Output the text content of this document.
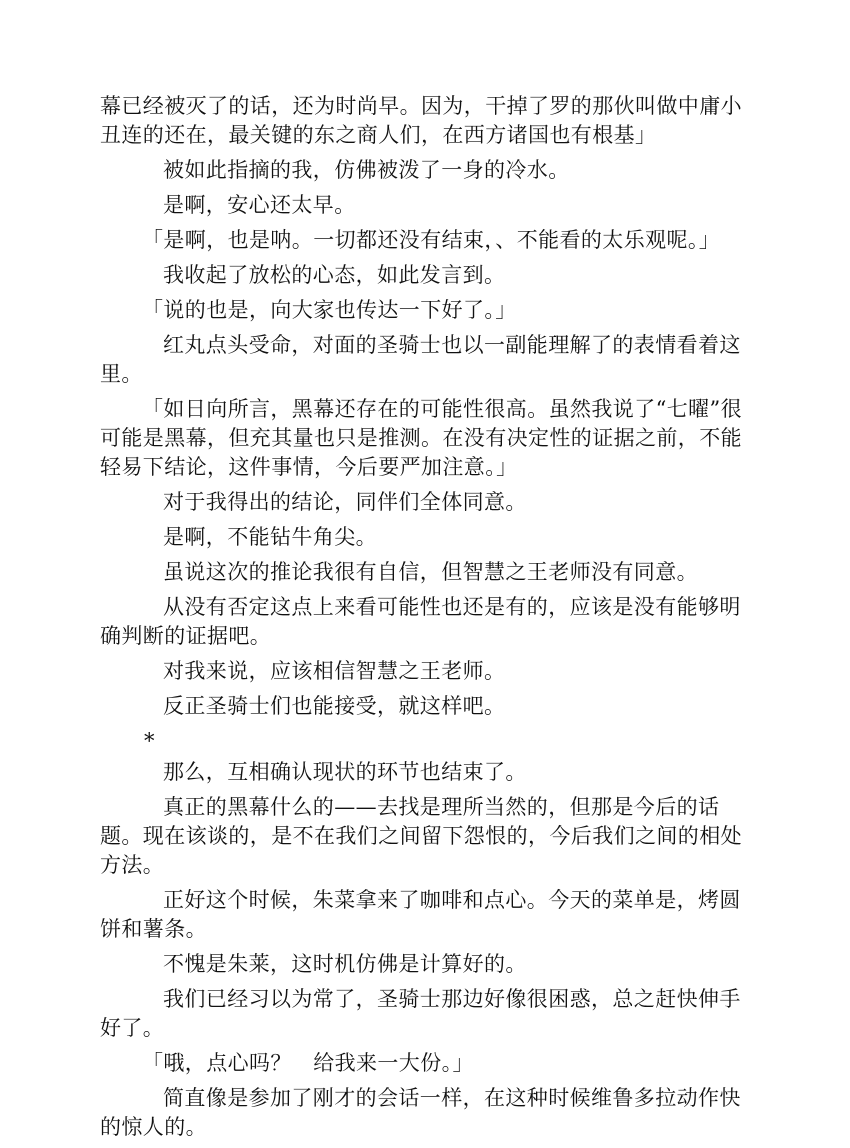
幕已经被灭了的话，还为时尚早。因为，干掉了罗的那伙叫做中庸小丑连的还在，最关键的东之商人们，在西方诸国也有根基」

被如此指摘的我，仿佛被泼了一身的冷水。

是啊，安心还太早。

「是啊，也是呐。一切都还没有结束，、不能看的太乐观呢。」

我收起了放松的心态，如此发言到。

「说的也是，向大家也传达一下好了。」

红丸点头受命，对面的圣骑士也以一副能理解了的表情看着这里。

「如日向所言，黑幕还存在的可能性很高。虽然我说了“七曜”很可能是黑幕，但充其量也只是推测。在没有决定性的证据之前，不能轻易下结论，这件事情，今后要严加注意。」

对于我得出的结论，同伴们全体同意。

是啊，不能钻牛角尖。

虽说这次的推论我很有自信，但智慧之王老师没有同意。

从没有否定这点上来看可能性也还是有的，应该是没有能够明确判断的证据吧。

对我来说，应该相信智慧之王老师。

反正圣骑士们也能接受，就这样吧。

*

那么，互相确认现状的环节也结束了。

真正的黑幕什么的——去找是理所当然的，但那是今后的话题。现在该谈的，是不在我们之间留下怨恨的，今后我们之间的相处方法。

正好这个时候，朱菜拿来了咖啡和点心。今天的菜单是，烤圆饼和薯条。

不愧是朱莱，这时机仿佛是计算好的。

我们已经习以为常了，圣骑士那边好像很困惑，总之赶快伸手好了。

「哦，点心吗？　给我来一大份。」

简直像是参加了刚才的会话一样，在这种时候维鲁多拉动作快的惊人的。
